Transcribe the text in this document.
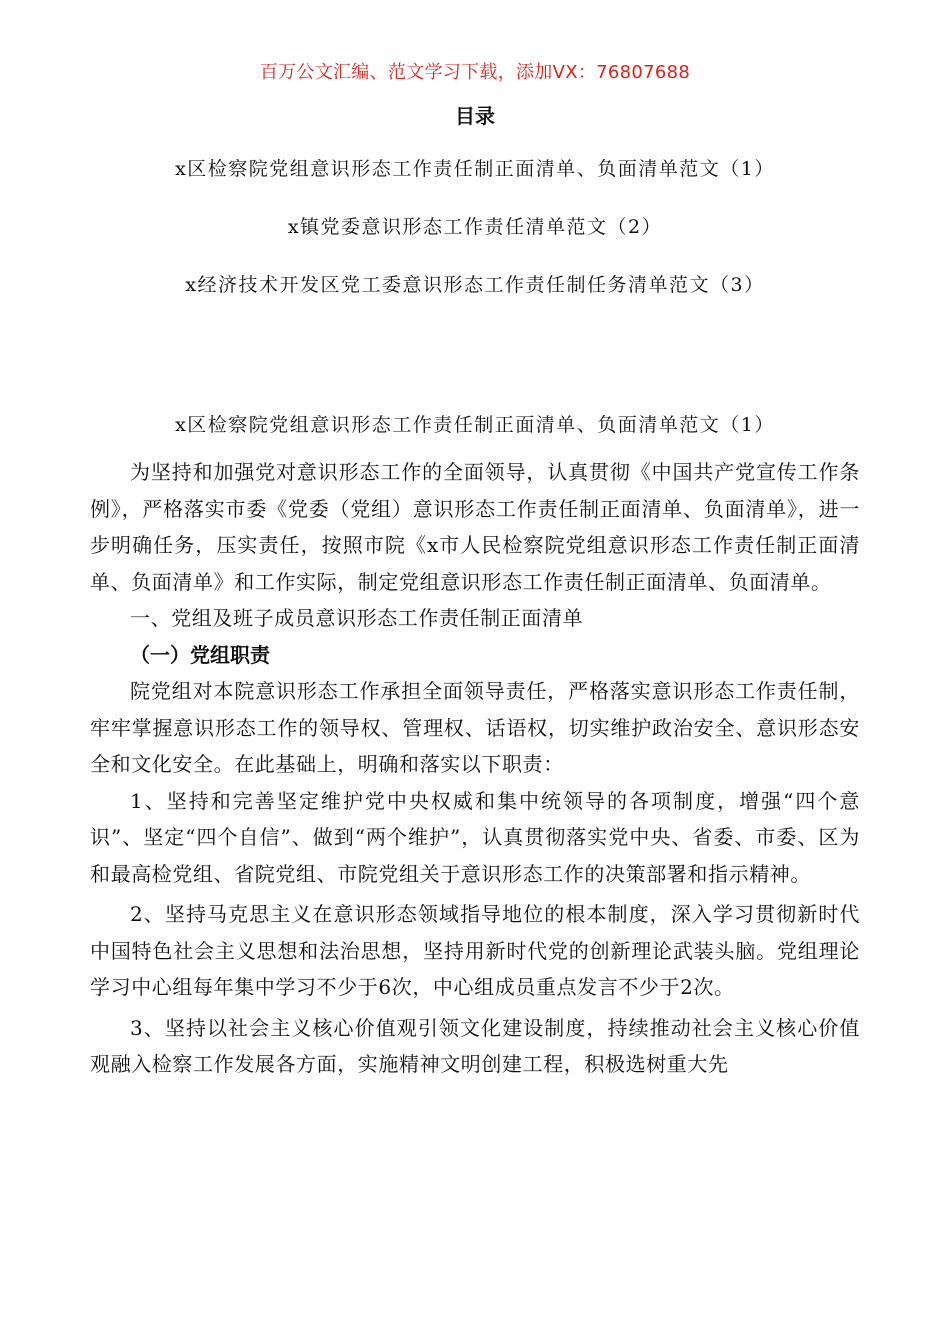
百万公文汇编、范文学习下载，添加VX：76807688
目录
x区检察院党组意识形态工作责任制正面清单、负面清单范文（1）
x镇党委意识形态工作责任清单范文（2）
x经济技术开发区党工委意识形态工作责任制任务清单范文（3）
x区检察院党组意识形态工作责任制正面清单、负面清单范文（1）

为坚持和加强党对意识形态工作的全面领导，认真贯彻《中国共产党宣传工作条例》，严格落实市委《党委（党组）意识形态工作责任制正面清单、负面清单》，进一步明确任务，压实责任，按照市院《x市人民检察院党组意识形态工作责任制正面清单、负面清单》和工作实际，制定党组意识形态工作责任制正面清单、负面清单。

一、党组及班子成员意识形态工作责任制正面清单

（一）党组职责

院党组对本院意识形态工作承担全面领导责任，严格落实意识形态工作责任制，牢牢掌握意识形态工作的领导权、管理权、话语权，切实维护政治安全、意识形态安全和文化安全。在此基础上，明确和落实以下职责：

1、坚持和完善坚定维护党中央权威和集中统领导的各项制度，增强“四个意识”、坚定“四个自信”、做到“两个维护”，认真贯彻落实党中央、省委、市委、区为和最高检党组、省院党组、市院党组关于意识形态工作的决策部署和指示精神。

2、坚持马克思主义在意识形态领域指导地位的根本制度，深入学习贯彻新时代中国特色社会主义思想和法治思想，坚持用新时代党的创新理论武装头脑。党组理论学习中心组每年集中学习不少于6次，中心组成员重点发言不少于2次。

3、坚持以社会主义核心价值观引领文化建设制度，持续推动社会主义核心价值观融入检察工作发展各方面，实施精神文明创建工程，积极选树重大先
